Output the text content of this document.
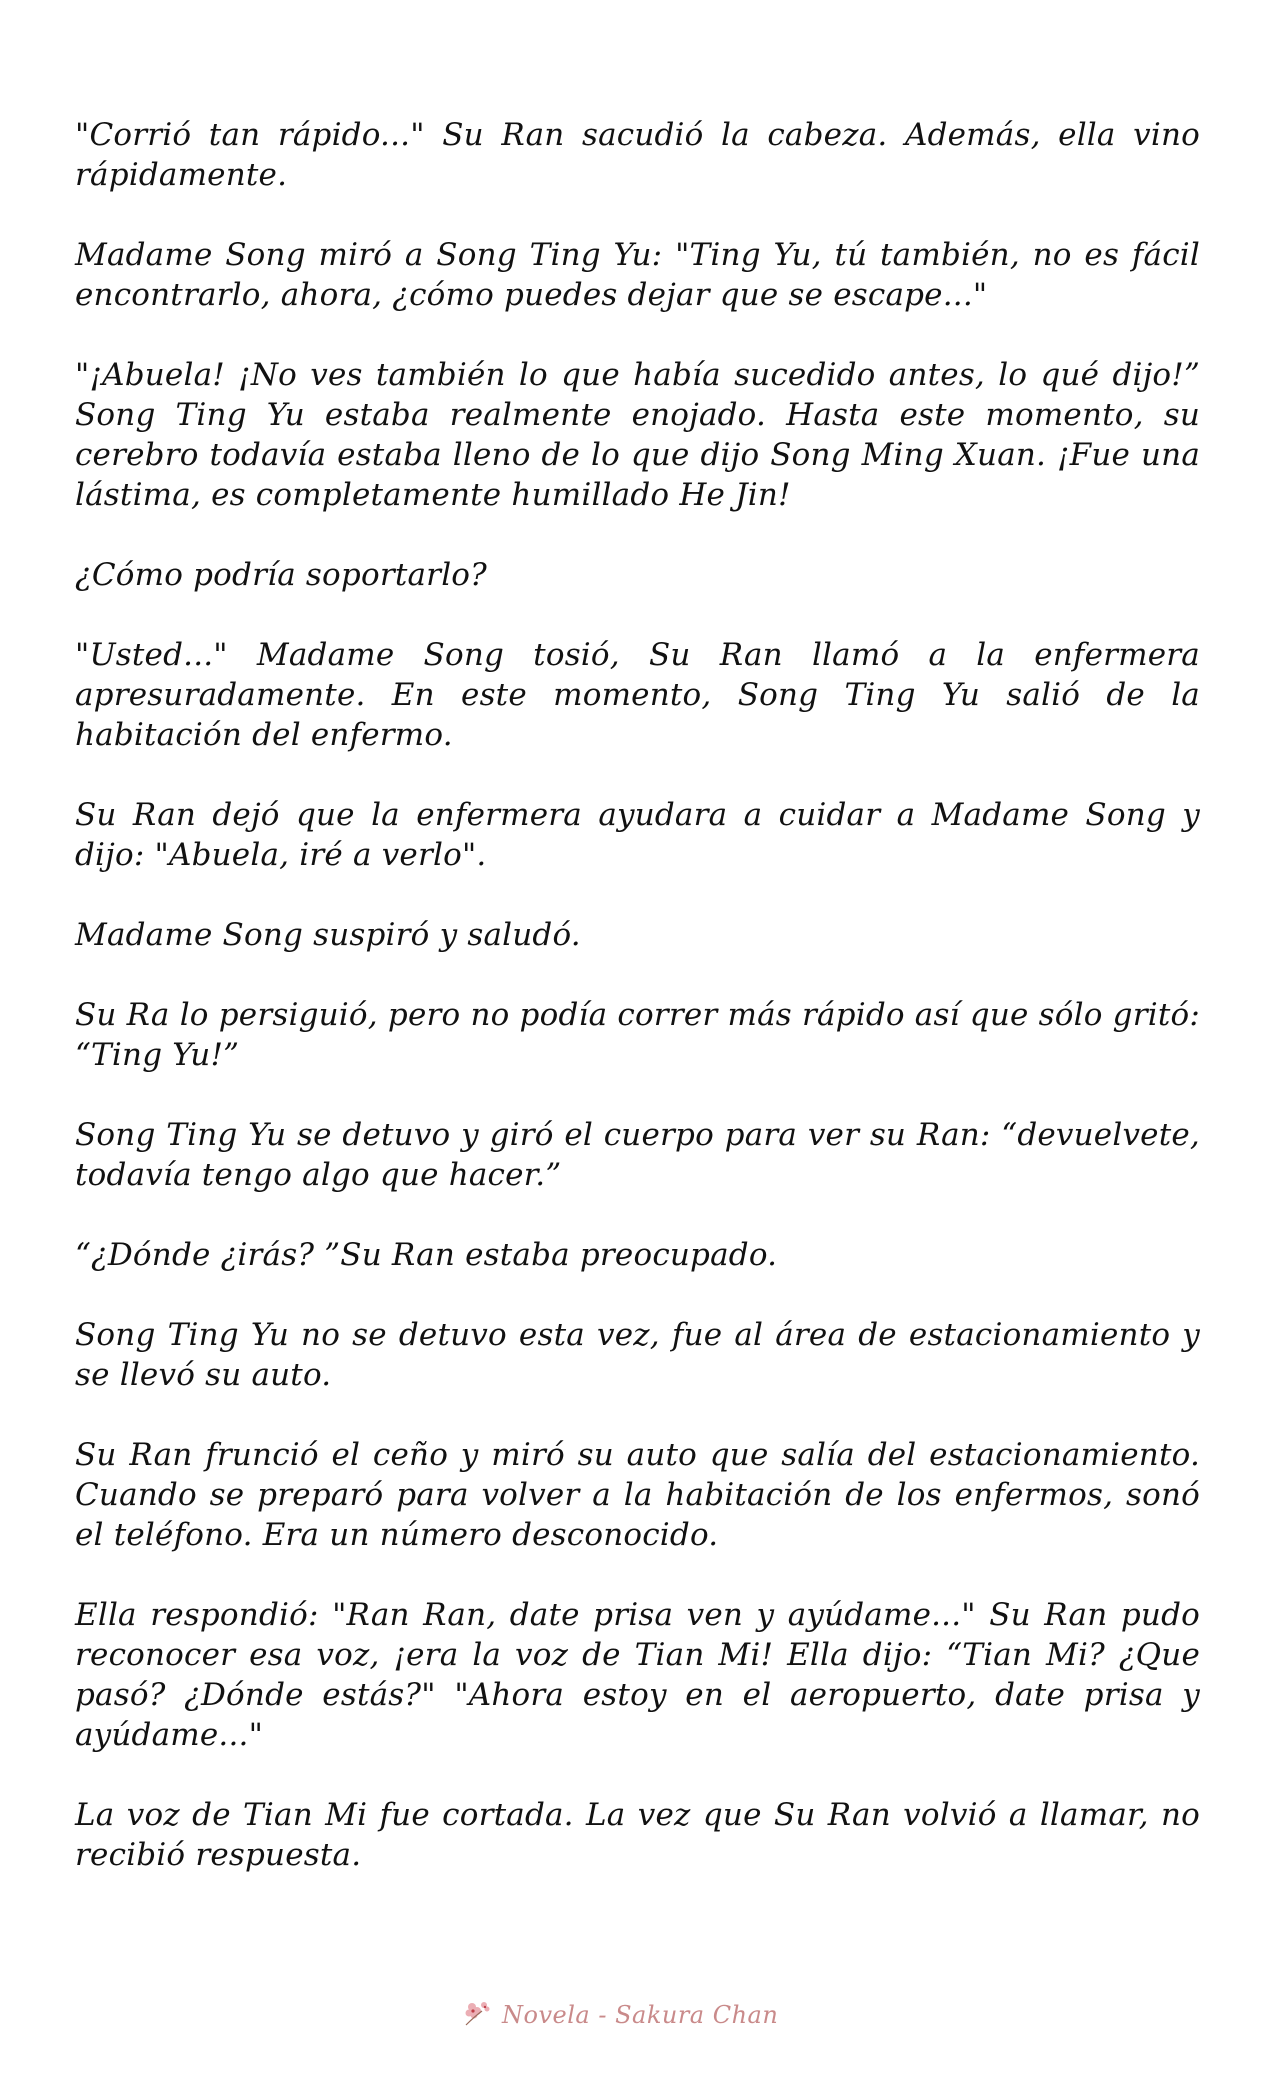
"Corrió tan rápido..." Su Ran sacudió la cabeza. Además, ella vino rápidamente.

Madame Song miró a Song Ting Yu: "Ting Yu, tú también, no es fácil encontrarlo, ahora, ¿cómo puedes dejar que se escape..."

"¡Abuela! ¡No ves también lo que había sucedido antes, lo qué dijo!” Song Ting Yu estaba realmente enojado. Hasta este momento, su cerebro todavía estaba lleno de lo que dijo Song Ming Xuan. ¡Fue una lástima, es completamente humillado He Jin!

¿Cómo podría soportarlo?

"Usted..." Madame Song tosió, Su Ran llamó a la enfermera apresuradamente. En este momento, Song Ting Yu salió de la habitación del enfermo.

Su Ran dejó que la enfermera ayudara a cuidar a Madame Song y dijo: "Abuela, iré a verlo".

Madame Song suspiró y saludó.

Su Ra lo persiguió, pero no podía correr más rápido así que sólo gritó: “Ting Yu!”

Song Ting Yu se detuvo y giró el cuerpo para ver su Ran: “devuelvete, todavía tengo algo que hacer.”

“¿Dónde ¿irás? ”Su Ran estaba preocupado.

Song Ting Yu no se detuvo esta vez, fue al área de estacionamiento y se llevó su auto.

Su Ran frunció el ceño y miró su auto que salía del estacionamiento. Cuando se preparó para volver a la habitación de los enfermos, sonó el teléfono. Era un número desconocido.

Ella respondió: "Ran Ran, date prisa ven y ayúdame..." Su Ran pudo reconocer esa voz, ¡era la voz de Tian Mi! Ella dijo: “Tian Mi? ¿Que pasó? ¿Dónde estás?" "Ahora estoy en el aeropuerto, date prisa y ayúdame..."

La voz de Tian Mi fue cortada. La vez que Su Ran volvió a llamar, no recibió respuesta.

Novela - Sakura Chan
